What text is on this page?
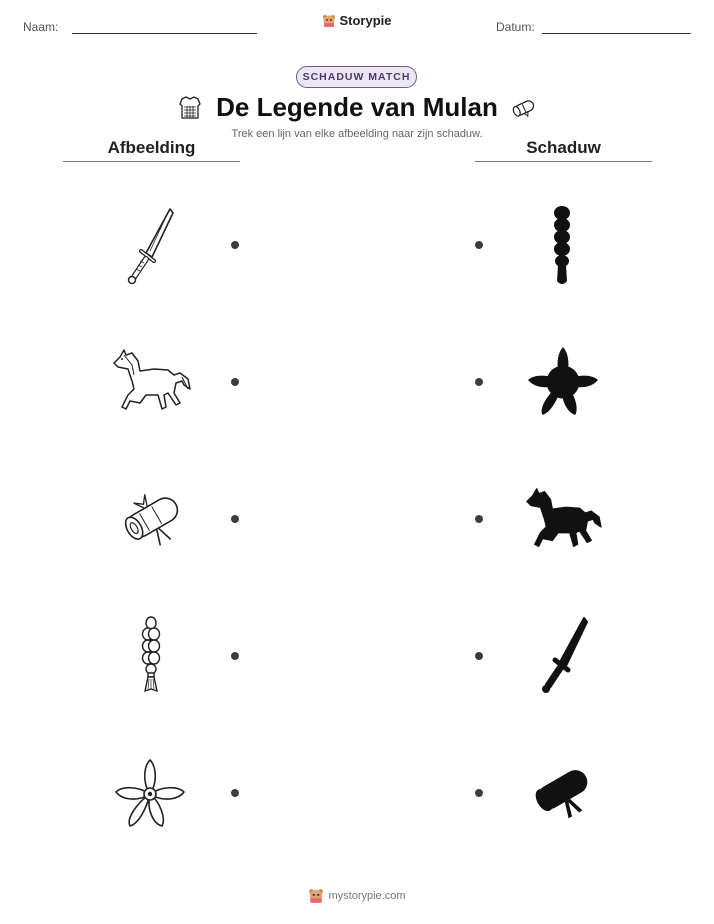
Naam:	Storypie	Datum:
SCHADUW MATCH
De Legende van Mulan
Trek een lijn van elke afbeelding naar zijn schaduw.
Afbeelding	Schaduw
mystorypie.com
